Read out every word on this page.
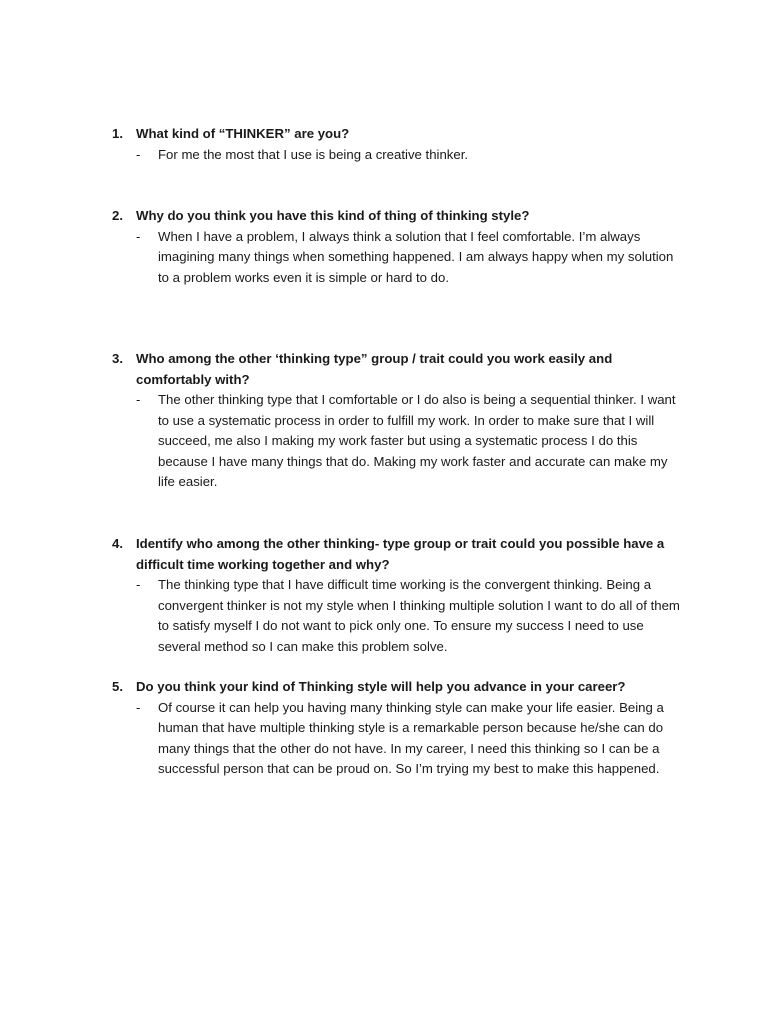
1. What kind of “THINKER” are you?
- For me the most that I use is being a creative thinker.
2. Why do you think you have this kind of thing of thinking style?
- When I have a problem, I always think a solution that I feel comfortable. I’m always imagining many things when something happened. I am always happy when my solution to a problem works even it is simple or hard to do.
3. Who among the other ‘thinking type” group / trait could you work easily and comfortably with?
- The other thinking type that I comfortable or I do also is being a sequential thinker. I want to use a systematic process in order to fulfill my work. In order to make sure that I will succeed, me also I making my work faster but using a systematic process I do this because I have many things that do. Making my work faster and accurate can make my life easier.
4. Identify who among the other thinking- type group or trait could you possible have a difficult time working together and why?
- The thinking type that I have difficult time working is the convergent thinking. Being a convergent thinker is not my style when I thinking multiple solution I want to do all of them to satisfy myself I do not want to pick only one. To ensure my success I need to use several method so I can make this problem solve.
5. Do you think your kind of Thinking style will help you advance in your career?
- Of course it can help you having many thinking style can make your life easier. Being a human that have multiple thinking style is a remarkable person because he/she can do many things that the other do not have. In my career, I need this thinking so I can be a successful person that can be proud on. So I’m trying my best to make this happened.
